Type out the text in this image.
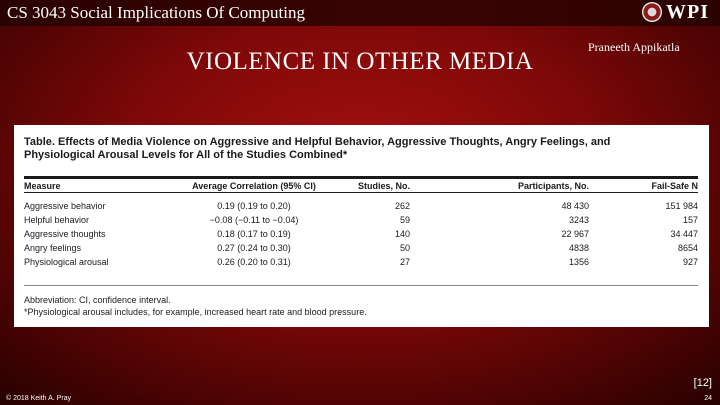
CS 3043 Social Implications Of Computing	WPI
Praneeth Appikatla
VIOLENCE IN OTHER MEDIA
Table. Effects of Media Violence on Aggressive and Helpful Behavior, Aggressive Thoughts, Angry Feelings, and Physiological Arousal Levels for All of the Studies Combined*
Measure	Average Correlation (95% CI)	Studies, No.	Participants, No.	Fail-Safe N
Aggressive behavior	0.19 (0.19 to 0.20)	262	48 430	151 984
Helpful behavior	−0.08 (−0.11 to −0.04)	59	3243	157
Aggressive thoughts	0.18 (0.17 to 0.19)	140	22 967	34 447
Angry feelings	0.27 (0.24 to 0.30)	50	4838	8654
Physiological arousal	0.26 (0.20 to 0.31)	27	1356	927
Abbreviation: CI, confidence interval.
*Physiological arousal includes, for example, increased heart rate and blood pressure.
[12]
© 2018 Keith A. Pray	24
